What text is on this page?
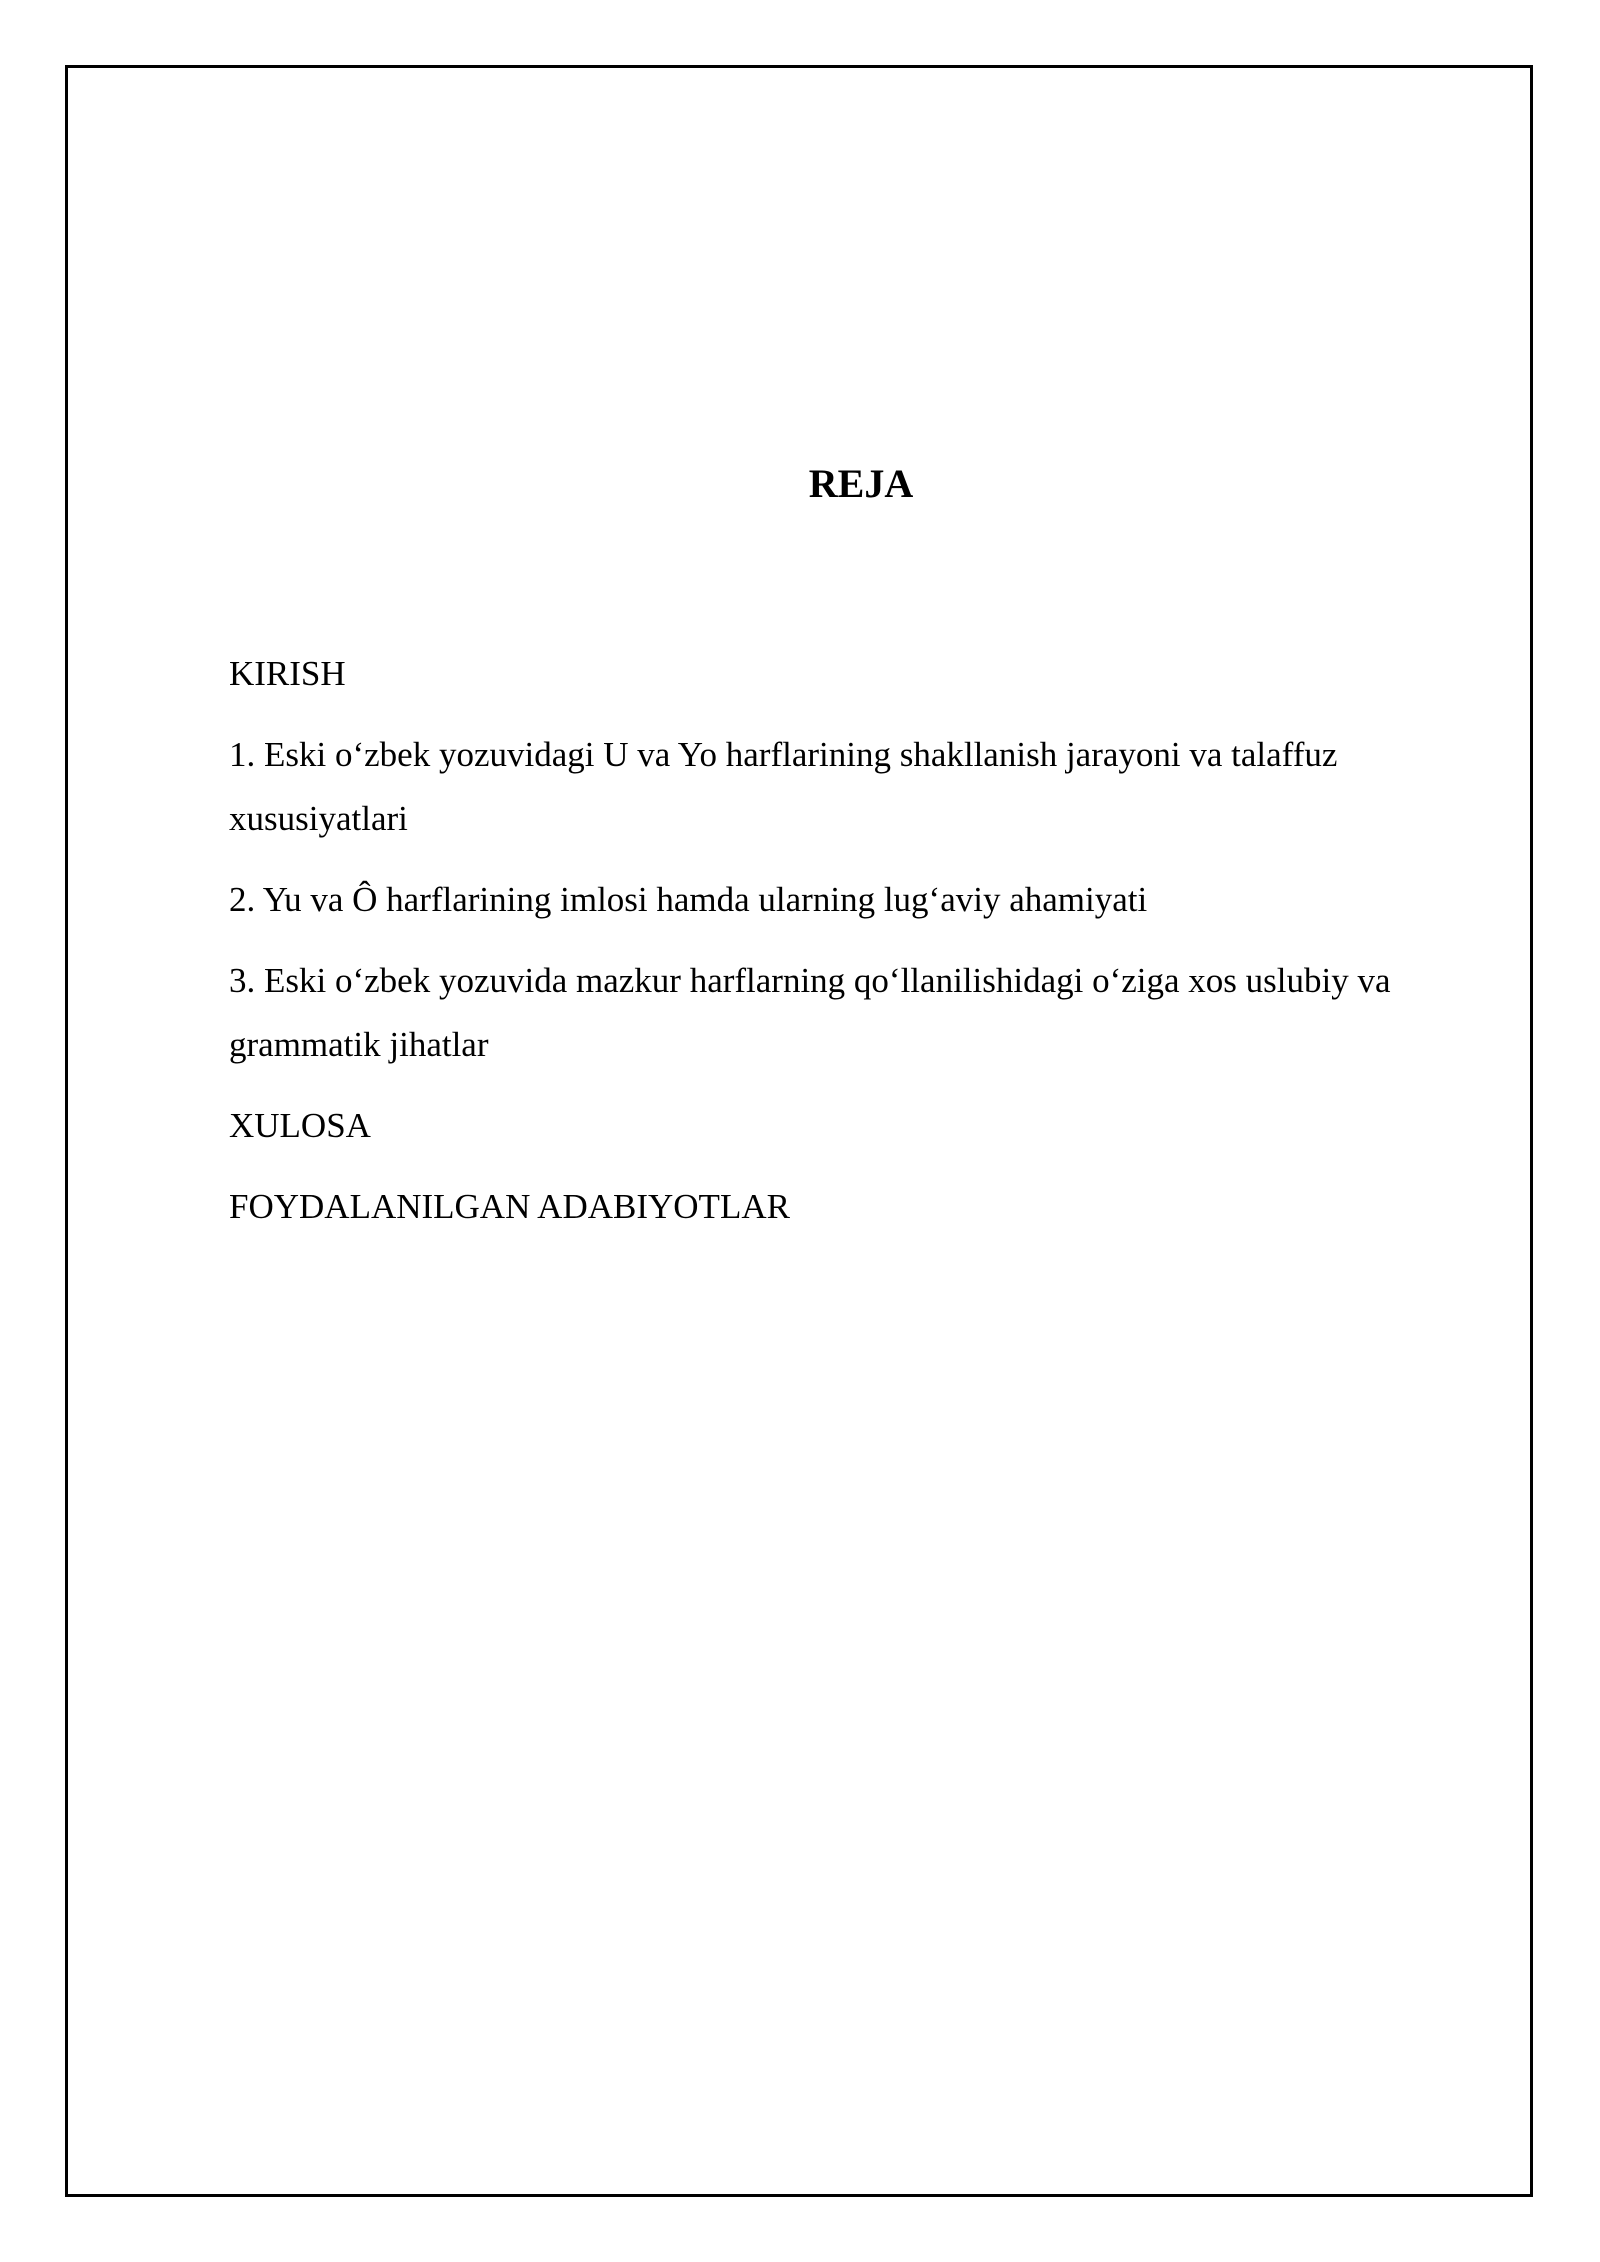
REJA
KIRISH
1. Eski o‘zbek yozuvidagi U va Yo harflarining shakllanish jarayoni va talaffuz xususiyatlari
2. Yu va Ô harflarining imlosi hamda ularning lug‘aviy ahamiyati
3. Eski o‘zbek yozuvida mazkur harflarning qo‘llanilishidagi o‘ziga xos uslubiy va grammatik jihatlar
XULOSA
FOYDALANILGAN ADABIYOTLAR
